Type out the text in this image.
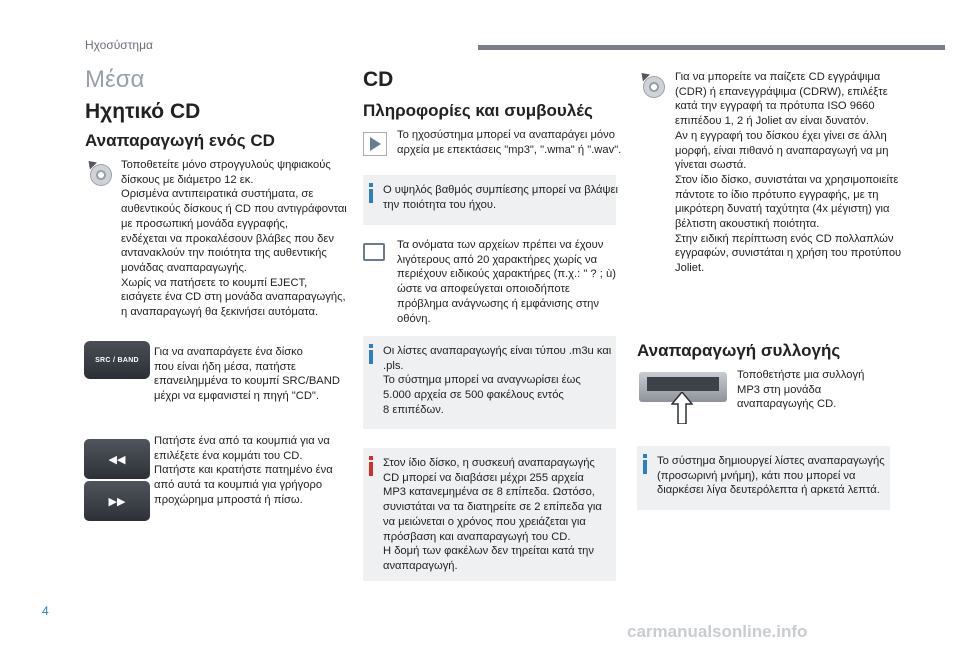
Ηχοσύστημα
Μέσα
Ηχητικό CD
Αναπαραγωγή ενός CD
Τοποθετείτε μόνο στρογγυλούς ψηφιακούς
δίσκους με διάμετρο 12 εκ.
Ορισμένα αντιπειρατικά συστήματα, σε
αυθεντικούς δίσκους ή CD που αντιγράφονται
με προσωπική μονάδα εγγραφής,
ενδέχεται να προκαλέσουν βλάβες που δεν
αντανακλούν την ποιότητα της αυθεντικής
μονάδας αναπαραγωγής.
Χωρίς να πατήσετε το κουμπί EJECT,
εισάγετε ένα CD στη μονάδα αναπαραγωγής,
η αναπαραγωγή θα ξεκινήσει αυτόματα.
SRC / BAND
Για να αναπαράγετε ένα δίσκο
που είναι ήδη μέσα, πατήστε
επανειλημμένα το κουμπί SRC/BAND
μέχρι να εμφανιστεί η πηγή "CD".
◀◀
▶▶
Πατήστε ένα από τα κουμπιά για να
επιλέξετε ένα κομμάτι του CD.
Πατήστε και κρατήστε πατημένο ένα
από αυτά τα κουμπιά για γρήγορο
προχώρημα μπροστά ή πίσω.
CD
Πληροφορίες και συμβουλές
Το ηχοσύστημα μπορεί να αναπαράγει μόνο
αρχεία με επεκτάσεις "mp3", ".wma" ή ".wav".
Ο υψηλός βαθμός συμπίεσης μπορεί να βλάψει
την ποιότητα του ήχου.
Τα ονόματα των αρχείων πρέπει να έχουν
λιγότερους από 20 χαρακτήρες χωρίς να
περιέχουν ειδικούς χαρακτήρες (π.χ.: " ? ; ù)
ώστε να αποφεύγεται οποιοδήποτε
πρόβλημα ανάγνωσης ή εμφάνισης στην
οθόνη.
Οι λίστες αναπαραγωγής είναι τύπου .m3u και
.pls.
Το σύστημα μπορεί να αναγνωρίσει έως
5.000 αρχεία σε 500 φακέλους εντός
8 επιπέδων.
Στον ίδιο δίσκο, η συσκευή αναπαραγωγής
CD μπορεί να διαβάσει μέχρι 255 αρχεία
MP3 κατανεμημένα σε 8 επίπεδα. Ωστόσο,
συνιστάται να τα διατηρείτε σε 2 επίπεδα για
να μειώνεται ο χρόνος που χρειάζεται για
πρόσβαση και αναπαραγωγή του CD.
Η δομή των φακέλων δεν τηρείται κατά την
αναπαραγωγή.
Για να μπορείτε να παίζετε CD εγγράψιμα
(CDR) ή επανεγγράψιμα (CDRW), επιλέξτε
κατά την εγγραφή τα πρότυπα ISO 9660
επιπέδου 1, 2 ή Joliet αν είναι δυνατόν.
Αν η εγγραφή του δίσκου έχει γίνει σε άλλη
μορφή, είναι πιθανό η αναπαραγωγή να μη
γίνεται σωστά.
Στον ίδιο δίσκο, συνιστάται να χρησιμοποιείτε
πάντοτε το ίδιο πρότυπο εγγραφής, με τη
μικρότερη δυνατή ταχύτητα (4x μέγιστη) για
βέλτιστη ακουστική ποιότητα.
Στην ειδική περίπτωση ενός CD πολλαπλών
εγγραφών, συνιστάται η χρήση του προτύπου
Joliet.
Αναπαραγωγή συλλογής
Τοποθετήστε μια συλλογή
MP3 στη μονάδα
αναπαραγωγής CD.
Το σύστημα δημιουργεί λίστες αναπαραγωγής
(προσωρινή μνήμη), κάτι που μπορεί να
διαρκέσει λίγα δευτερόλεπτα ή αρκετά λεπτά.
4
carmanualsonline.info
